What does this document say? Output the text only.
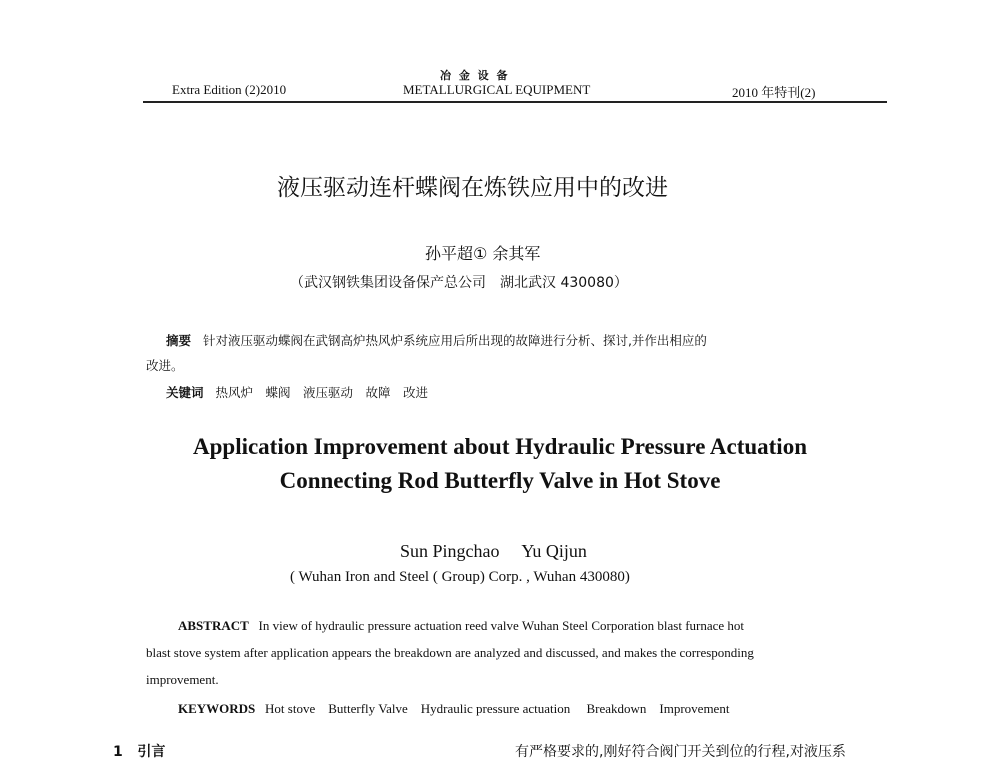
Extra Edition (2)2010
冶 金 设 备
METALLURGICAL EQUIPMENT	2010 年特刊(2)
液压驱动连杆蝶阀在炼铁应用中的改进
孙平超① 余其军
（武汉钢铁集团设备保产总公司　湖北武汉 430080）
摘要 针对液压驱动蝶阀在武钢高炉热风炉系统应用后所出现的故障进行分析、探讨,并作出相应的
改进。
关键词 热风炉　蝶阀　液压驱动　故障　改进
Application Improvement about Hydraulic Pressure Actuation
Connecting Rod Butterfly Valve in Hot Stove
Sun Pingchao　 Yu Qijun
( Wuhan Iron and Steel ( Group) Corp. , Wuhan 430080)
ABSTRACT In view of hydraulic pressure actuation reed valve Wuhan Steel Corporation blast furnace hot
blast stove system after application appears the breakdown are analyzed and discussed, and makes the corresponding
improvement.
KEYWORDS Hot stove　Butterfly Valve　Hydraulic pressure actuation　 Breakdown　Improvement
1 引言	有严格要求的,刚好符合阀门开关到位的行程,对液压系
